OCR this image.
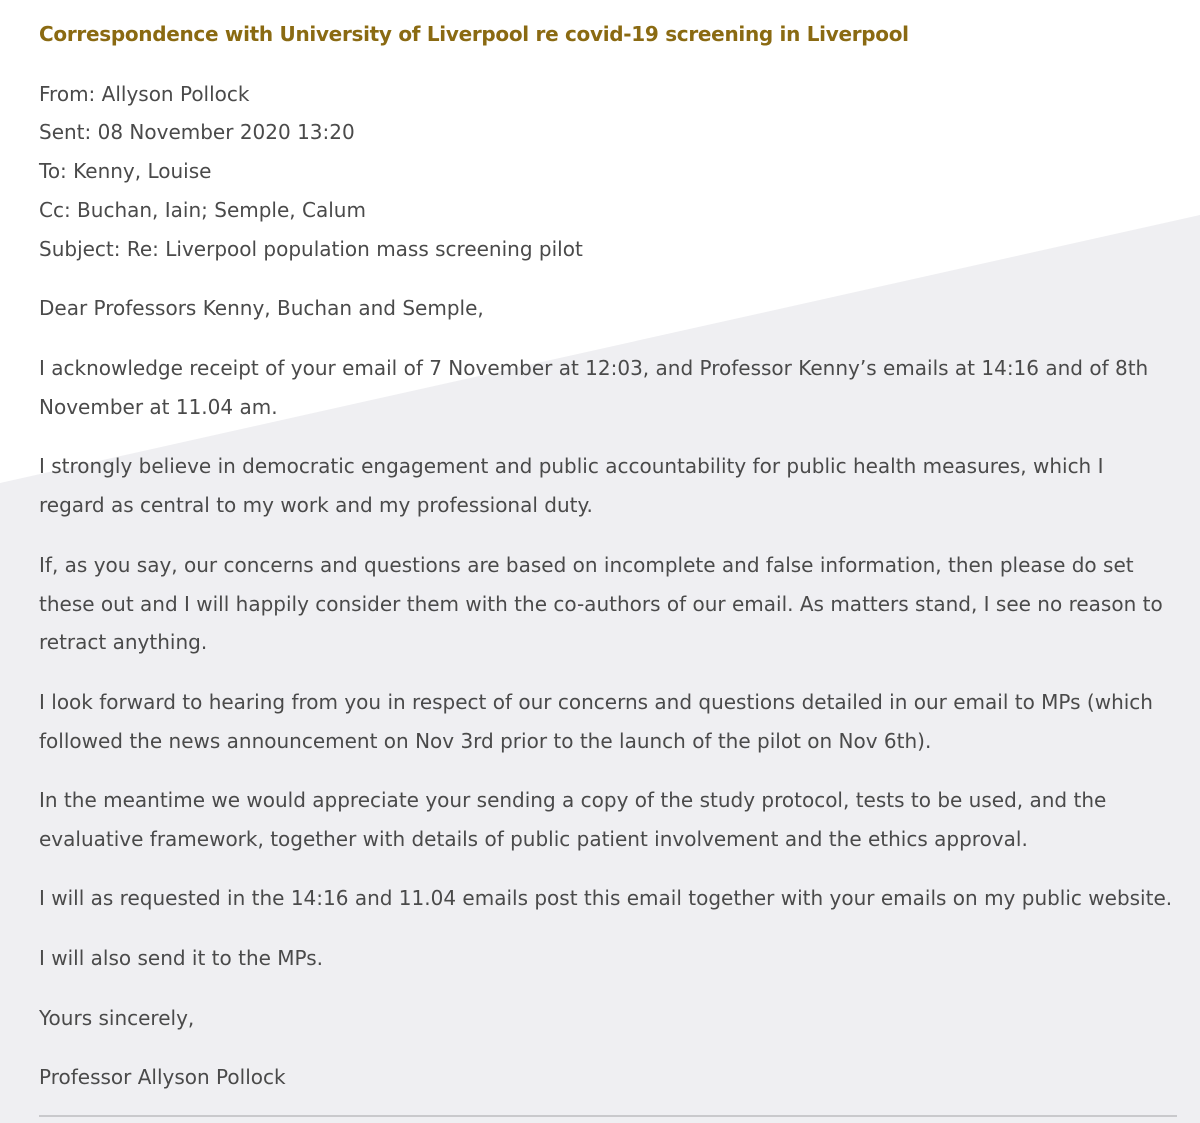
Correspondence with University of Liverpool re covid-19 screening in Liverpool

From: Allyson Pollock

Sent: 08 November 2020 13:20

To: Kenny, Louise

Cc: Buchan, Iain; Semple, Calum

Subject: Re: Liverpool population mass screening pilot

Dear Professors Kenny, Buchan and Semple,

I acknowledge receipt of your email of 7 November at 12:03, and Professor Kenny’s emails at 14:16 and of 8th

November at 11.04 am.

I strongly believe in democratic engagement and public accountability for public health measures, which I

regard as central to my work and my professional duty.

If, as you say, our concerns and questions are based on incomplete and false information, then please do set

these out and I will happily consider them with the co-authors of our email. As matters stand, I see no reason to

retract anything.

I look forward to hearing from you in respect of our concerns and questions detailed in our email to MPs (which

followed the news announcement on Nov 3rd prior to the launch of the pilot on Nov 6th).

In the meantime we would appreciate your sending a copy of the study protocol, tests to be used, and the

evaluative framework, together with details of public patient involvement and the ethics approval.

I will as requested in the 14:16 and 11.04 emails post this email together with your emails on my public website.

I will also send it to the MPs.

Yours sincerely,

Professor Allyson Pollock
